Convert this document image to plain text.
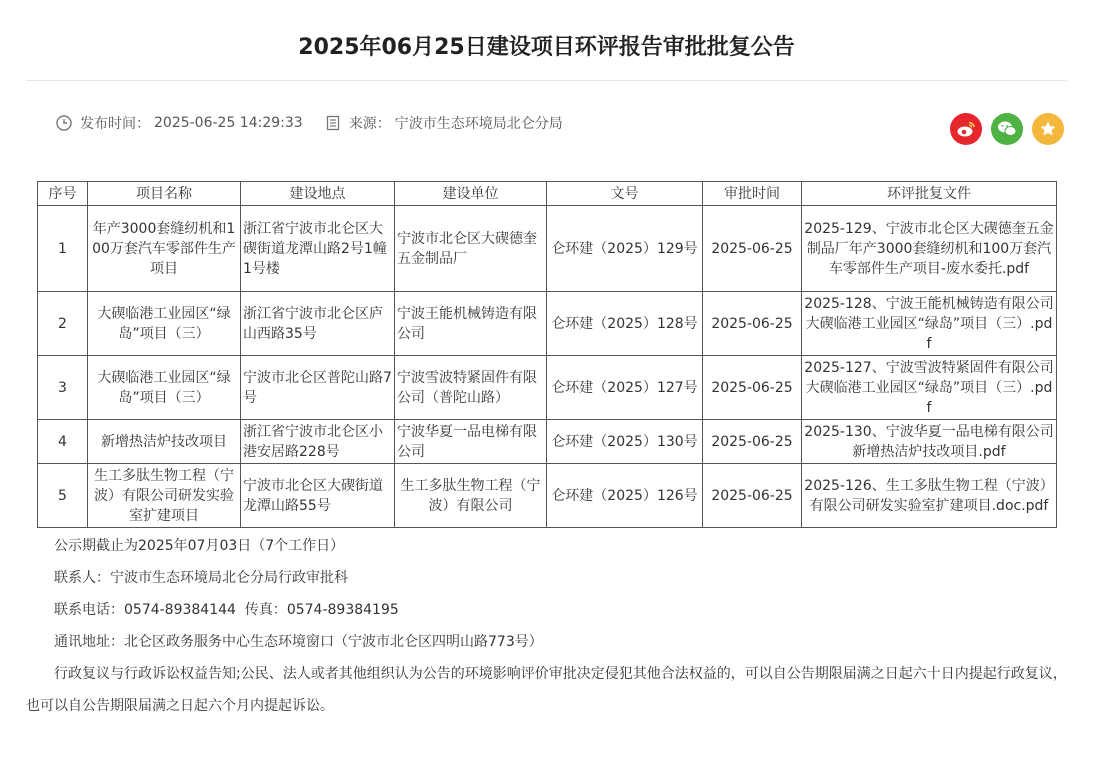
2025年06月25日建设项目环评报告审批批复公告
发布时间： 2025-06-25 14:29:33	来源： 宁波市生态环境局北仑分局
序号	项目名称	建设地点	建设单位	文号	审批时间	环评批复文件
1	年产3000套缝纫机和100万套汽车零部件生产项目	浙江省宁波市北仑区大碶街道龙潭山路2号1幢1号楼	宁波市北仑区大碶德奎五金制品厂	仑环建（2025）129号	2025-06-25	2025-129、宁波市北仑区大碶德奎五金制品厂年产3000套缝纫机和100万套汽车零部件生产项目-废水委托.pdf
2	大碶临港工业园区“绿岛”项目（三）	浙江省宁波市北仑区庐山西路35号	宁波王能机械铸造有限公司	仑环建（2025）128号	2025-06-25	2025-128、宁波王能机械铸造有限公司大碶临港工业园区“绿岛”项目（三）.pdf
3	大碶临港工业园区“绿岛”项目（三）	宁波市北仑区普陀山路7号	宁波雪波特紧固件有限公司（普陀山路）	仑环建（2025）127号	2025-06-25	2025-127、宁波雪波特紧固件有限公司大碶临港工业园区“绿岛”项目（三）.pdf
4	新增热洁炉技改项目	浙江省宁波市北仑区小港安居路228号	宁波华夏一品电梯有限公司	仑环建（2025）130号	2025-06-25	2025-130、宁波华夏一品电梯有限公司新增热洁炉技改项目.pdf
5	生工多肽生物工程（宁波）有限公司研发实验室扩建项目	宁波市北仑区大碶街道龙潭山路55号	生工多肽生物工程（宁波）有限公司	仑环建（2025）126号	2025-06-25	2025-126、生工多肽生物工程（宁波）有限公司研发实验室扩建项目.doc.pdf

公示期截止为2025年07月03日（7个工作日）

联系人：宁波市生态环境局北仑分局行政审批科

联系电话：0574-89384144  传真：0574-89384195

通讯地址：北仑区政务服务中心生态环境窗口（宁波市北仑区四明山路773号）

行政复议与行政诉讼权益告知;公民、法人或者其他组织认为公告的环境影响评价审批决定侵犯其他合法权益的，可以自公告期限届满之日起六十日内提起行政复议，也可以自公告期限届满之日起六个月内提起诉讼。
